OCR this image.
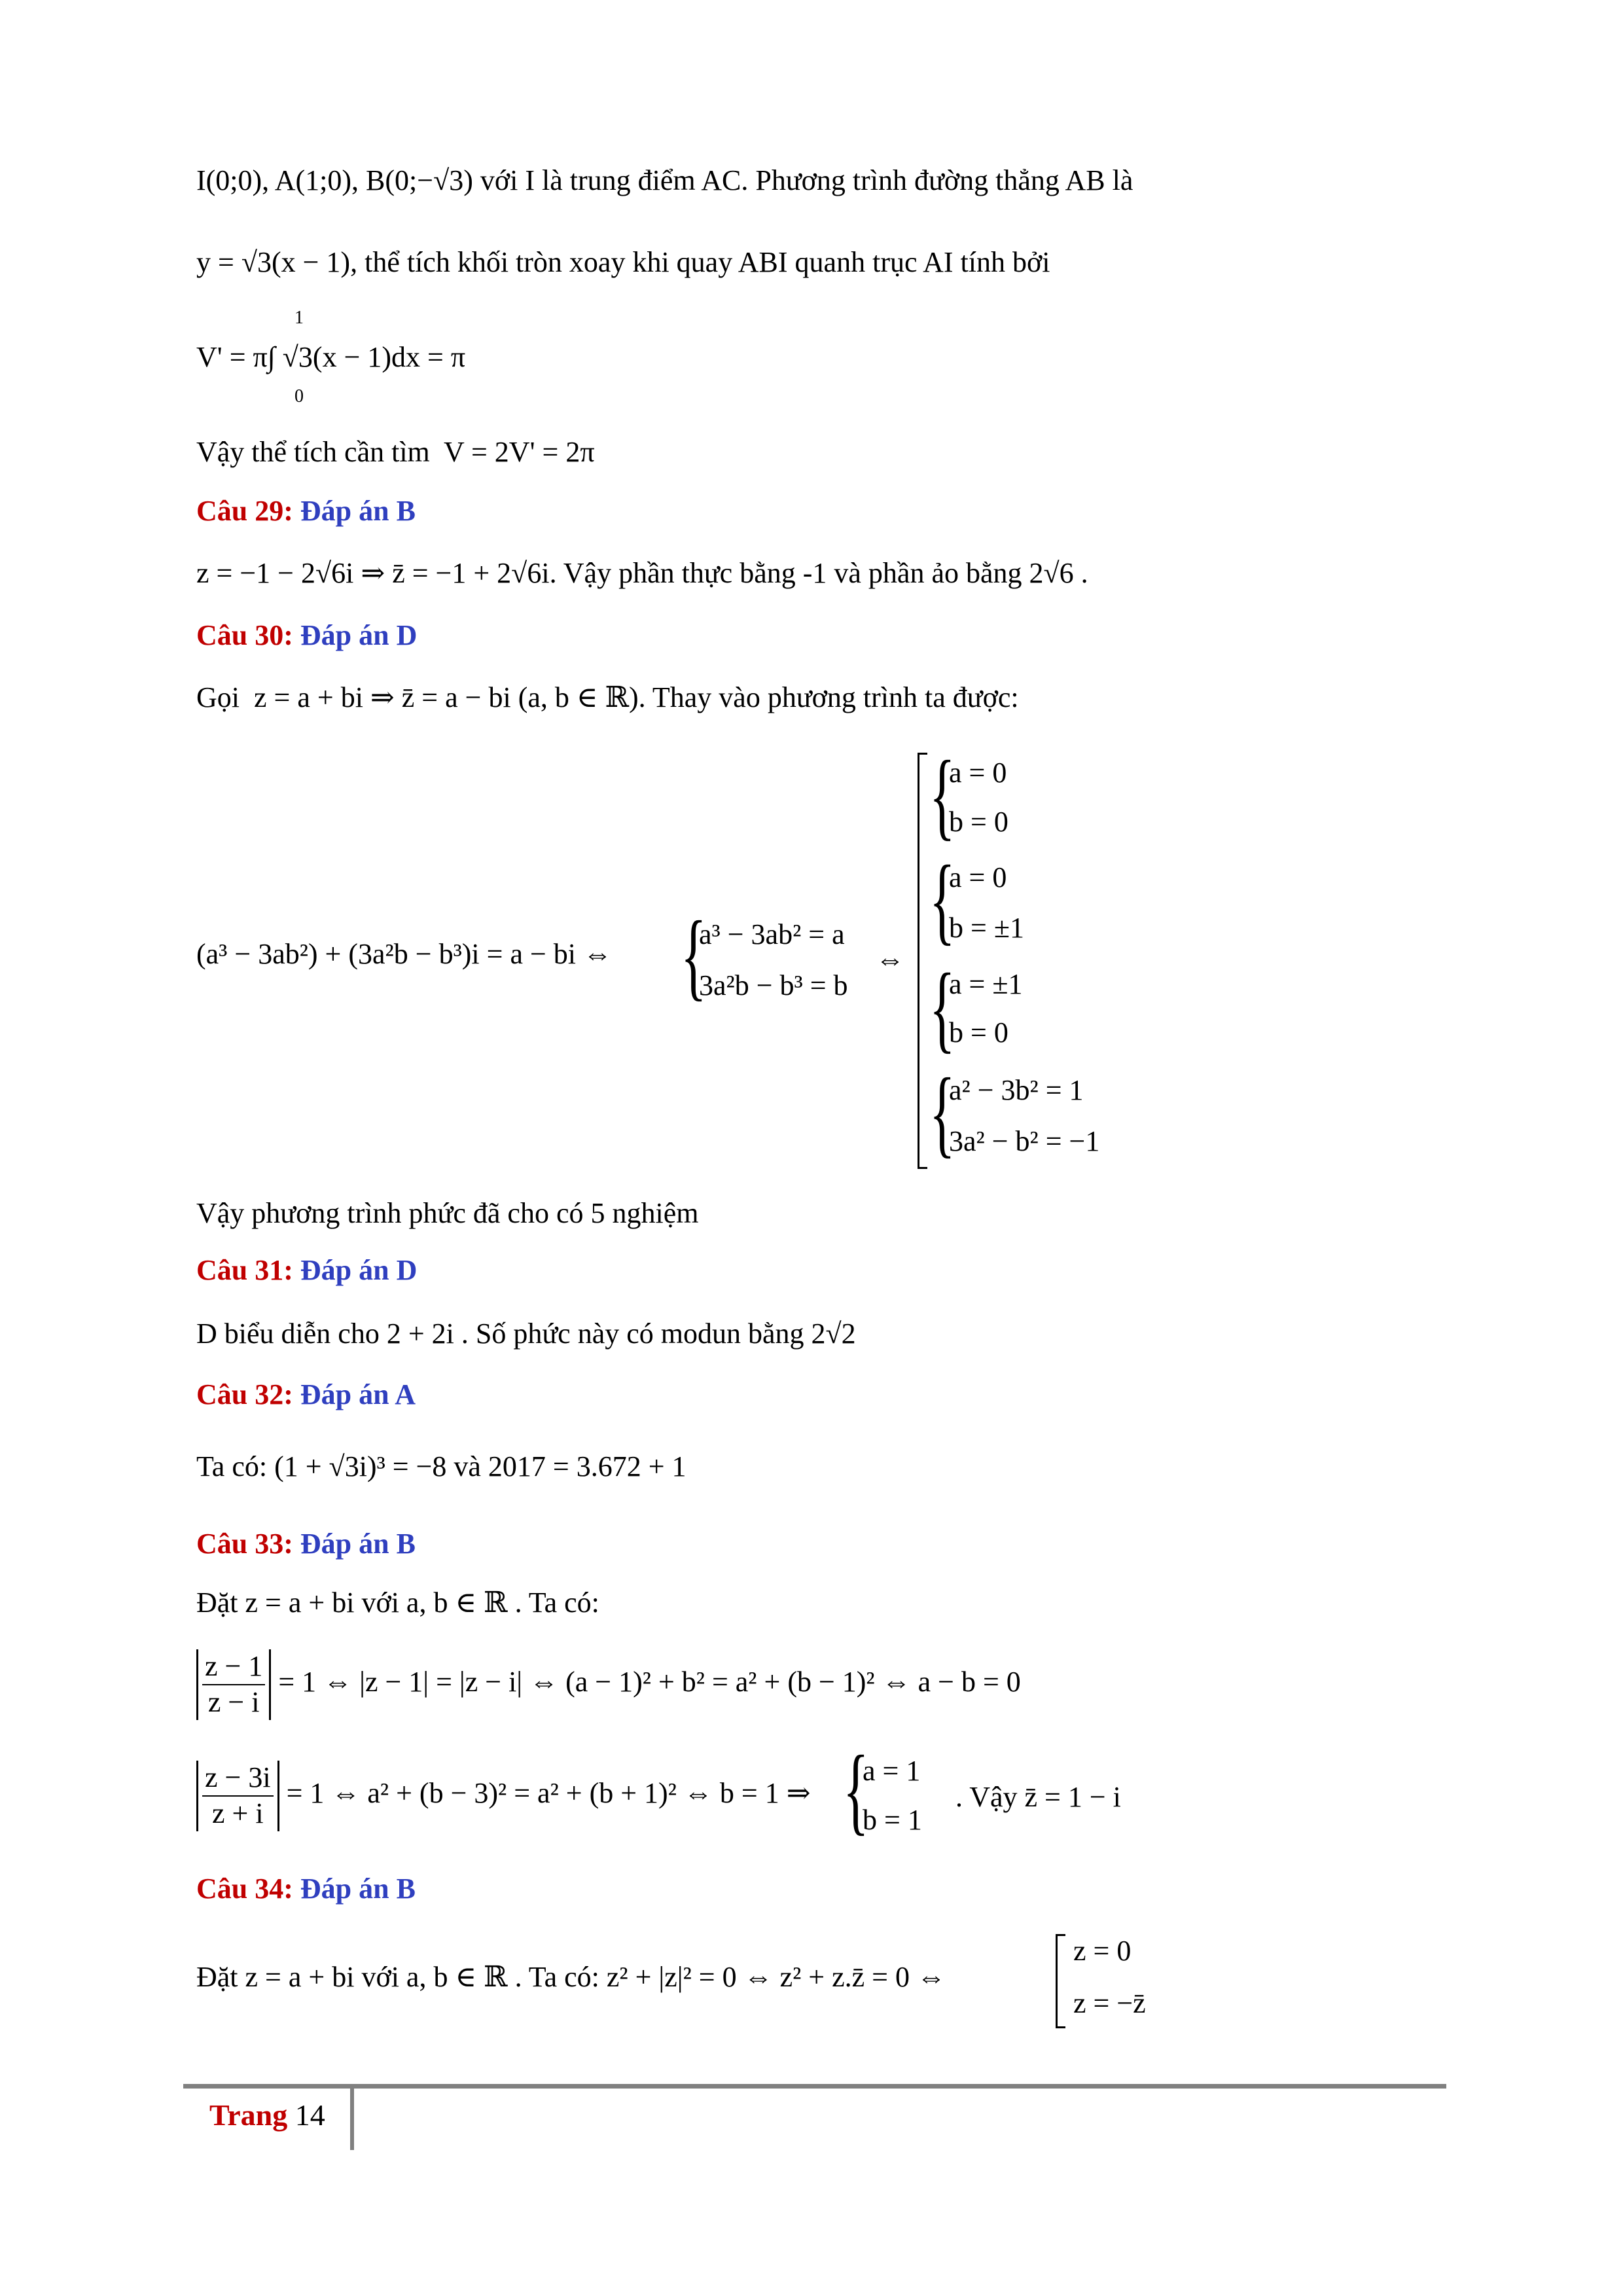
I(0;0), A(1;0), B(0;−√3) với I là trung điểm AC. Phương trình đường thẳng AB là
y = √3(x − 1), thể tích khối tròn xoay khi quay ABI quanh trục AI tính bởi
1
V' = π∫ √3(x − 1)dx = π
0
Vậy thể tích cần tìm V = 2V' = 2π
Câu 29: Đáp án B
z = −1 − 2√6i ⇒ z̄ = −1 + 2√6i. Vậy phần thực bằng -1 và phần ảo bằng 2√6 .
Câu 30: Đáp án D
Gọi z = a + bi ⇒ z̄ = a − bi (a, b ∈ ℝ). Thay vào phương trình ta được:
(a³ − 3ab²) + (3a²b − b³)i = a − bi ⇔ {
a³ − 3ab² = a
3a²b − b³ = b
⇔
{
a = 0
b = 0
{
a = 0
b = ±1
{
a = ±1
b = 0
{
a² − 3b² = 1
3a² − b² = −1
Vậy phương trình phức đã cho có 5 nghiệm
Câu 31: Đáp án D
D biểu diễn cho 2 + 2i . Số phức này có modun bằng 2√2
Câu 32: Đáp án A
Ta có: (1 + √3i)³ = −8 và 2017 = 3.672 + 1
Câu 33: Đáp án B
Đặt z = a + bi với a, b ∈ ℝ . Ta có:
$\frac{z - 1}{z - i} = 1$ ⇔ |z − 1| = |z − i| ⇔ (a − 1)² + b² = a² + (b − 1)² ⇔ a − b = 0
$\frac{z - 3i}{z + i} = 1$ ⇔ a² + (b − 3)² = a² + (b + 1)² ⇔ b = 1 ⇒ {
a = 1
b = 1
. Vậy z̄ = 1 − i
Câu 34: Đáp án B
Đặt z = a + bi với a, b ∈ ℝ . Ta có: z² + |z|² = 0 ⇔ z² + z.z̄ = 0 ⇔
z = 0
z = −z̄
Trang 14
